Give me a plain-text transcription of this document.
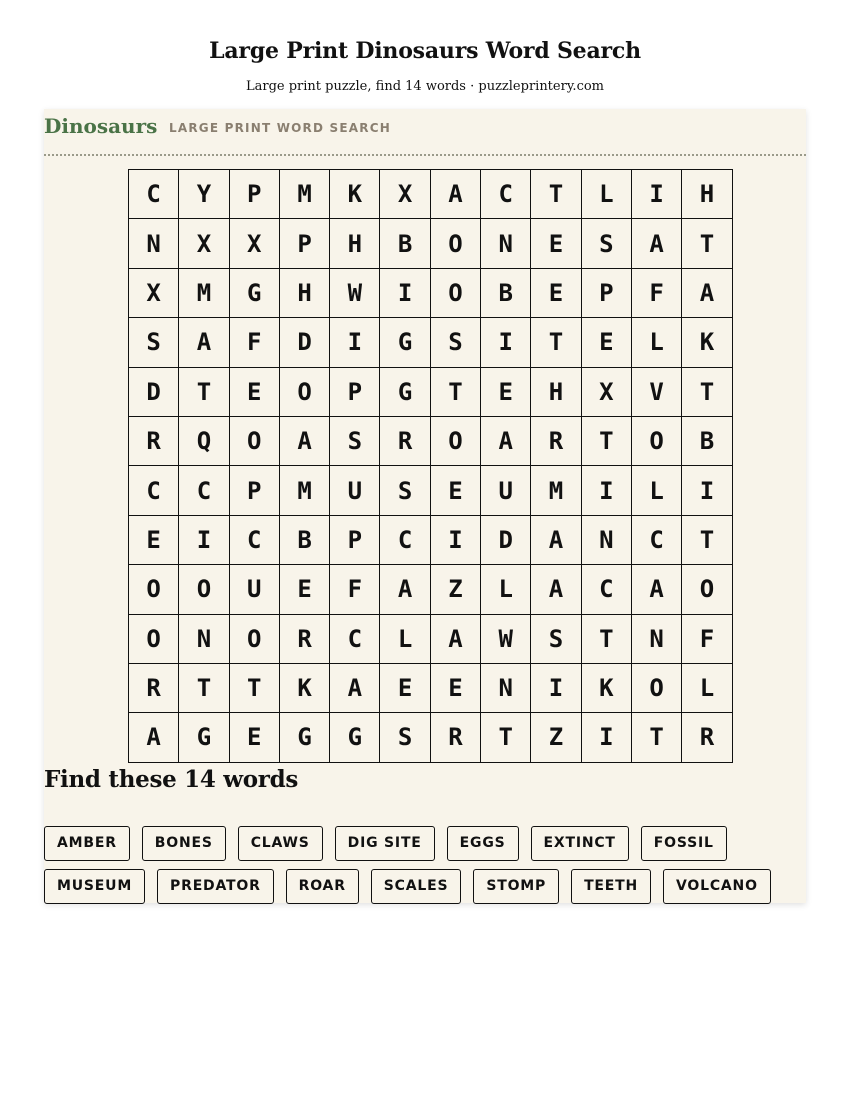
Large Print Dinosaurs Word Search

Large print puzzle, find 14 words · puzzleprintery.com

Dinosaurs LARGE PRINT WORD SEARCH
C	Y	P	M	K	X	A	C	T	L	I	H
N	X	X	P	H	B	O	N	E	S	A	T
X	M	G	H	W	I	O	B	E	P	F	A
S	A	F	D	I	G	S	I	T	E	L	K
D	T	E	O	P	G	T	E	H	X	V	T
R	Q	O	A	S	R	O	A	R	T	O	B
C	C	P	M	U	S	E	U	M	I	L	I
E	I	C	B	P	C	I	D	A	N	C	T
O	O	U	E	F	A	Z	L	A	C	A	O
O	N	O	R	C	L	A	W	S	T	N	F
R	T	T	K	A	E	E	N	I	K	O	L
A	G	E	G	G	S	R	T	Z	I	T	R
Find these 14 words
AMBER	BONES	CLAWS	DIG SITE	EGGS	EXTINCT	FOSSIL
MUSEUM	PREDATOR	ROAR	SCALES	STOMP	TEETH	VOLCANO
